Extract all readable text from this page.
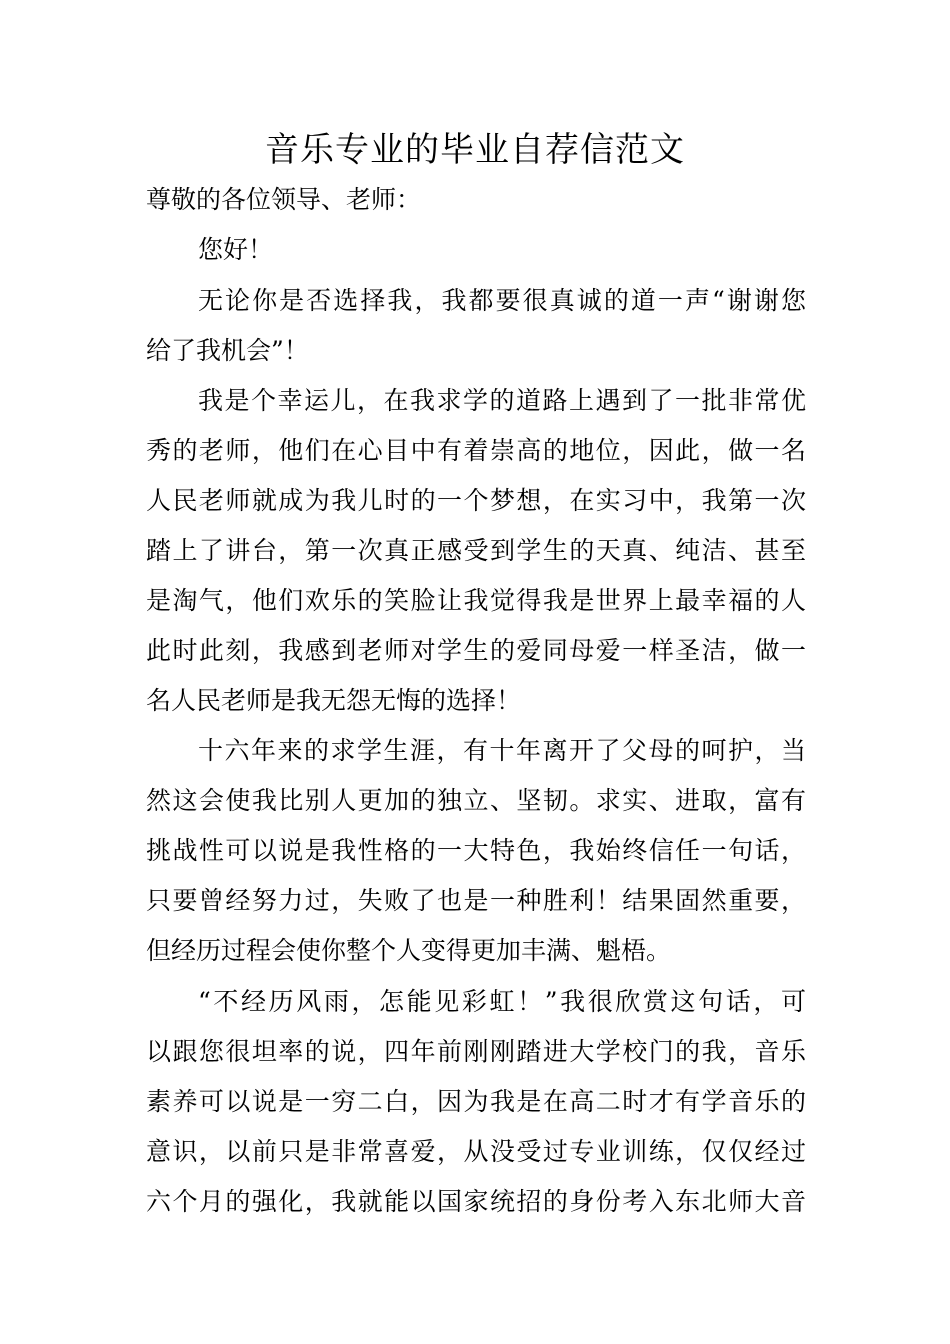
音乐专业的毕业自荐信范文
尊敬的各位领导、老师：
您好！
无论你是否选择我，我都要很真诚的道一声“谢谢您
给了我机会”！
我是个幸运儿，在我求学的道路上遇到了一批非常优
秀的老师，他们在心目中有着崇高的地位，因此，做一名
人民老师就成为我儿时的一个梦想，在实习中，我第一次
踏上了讲台，第一次真正感受到学生的天真、纯洁、甚至
是淘气，他们欢乐的笑脸让我觉得我是世界上最幸福的人
此时此刻，我感到老师对学生的爱同母爱一样圣洁，做一
名人民老师是我无怨无悔的选择！
十六年来的求学生涯，有十年离开了父母的呵护，当
然这会使我比别人更加的独立、坚韧。求实、进取，富有
挑战性可以说是我性格的一大特色，我始终信任一句话，
只要曾经努力过，失败了也是一种胜利！结果固然重要，
但经历过程会使你整个人变得更加丰满、魁梧。
“不经历风雨，怎能见彩虹！”我很欣赏这句话，可
以跟您很坦率的说，四年前刚刚踏进大学校门的我，音乐
素养可以说是一穷二白，因为我是在高二时才有学音乐的
意识，以前只是非常喜爱，从没受过专业训练，仅仅经过
六个月的强化，我就能以国家统招的身份考入东北师大音
